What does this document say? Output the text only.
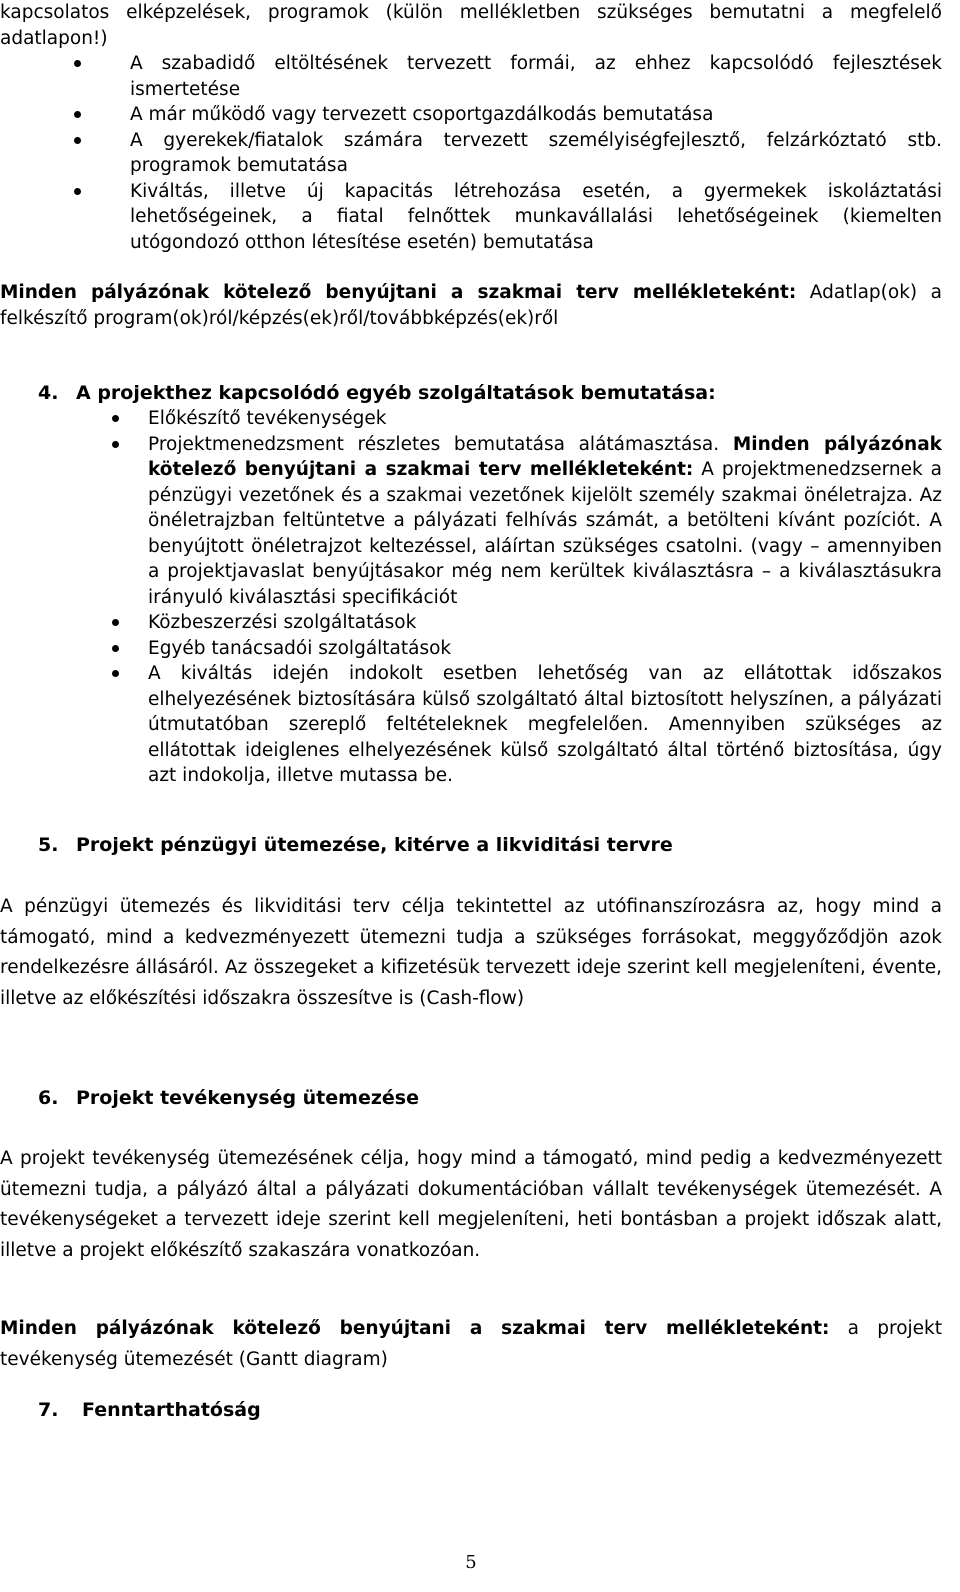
kapcsolatos elképzelések, programok (külön mellékletben szükséges bemutatni a megfelelő adatlapon!)
A szabadidő eltöltésének tervezett formái, az ehhez kapcsolódó fejlesztések ismertetése
A már működő vagy tervezett csoportgazdálkodás bemutatása
A gyerekek/fiatalok számára tervezett személyiségfejlesztő, felzárkóztató stb. programok bemutatása
Kiváltás, illetve új kapacitás létrehozása esetén, a gyermekek iskoláztatási lehetőségeinek, a fiatal felnőttek munkavállalási lehetőségeinek (kiemelten utógondozó otthon létesítése esetén) bemutatása
Minden pályázónak kötelező benyújtani a szakmai terv mellékleteként: Adatlap(ok) a felkészítő program(ok)ról/képzés(ek)ről/továbbképzés(ek)ről
4. A projekthez kapcsolódó egyéb szolgáltatások bemutatása:
Előkészítő tevékenységek
Projektmenedzsment részletes bemutatása alátámasztása. Minden pályázónak kötelező benyújtani a szakmai terv mellékleteként: A projektmenedzsernek a pénzügyi vezetőnek és a szakmai vezetőnek kijelölt személy szakmai önéletrajza. Az önéletrajzban feltüntetve a pályázati felhívás számát, a betölteni kívánt pozíciót. A benyújtott önéletrajzot keltezéssel, aláírtan szükséges csatolni. (vagy – amennyiben a projektjavaslat benyújtásakor még nem kerültek kiválasztásra – a kiválasztásukra irányuló kiválasztási specifikációt
Közbeszerzési szolgáltatások
Egyéb tanácsadói szolgáltatások
A kiváltás idején indokolt esetben lehetőség van az ellátottak időszakos elhelyezésének biztosítására külső szolgáltató által biztosított helyszínen, a pályázati útmutatóban szereplő feltételeknek megfelelően. Amennyiben szükséges az ellátottak ideiglenes elhelyezésének külső szolgáltató által történő biztosítása, úgy azt indokolja, illetve mutassa be.
5. Projekt pénzügyi ütemezése, kitérve a likviditási tervre
A pénzügyi ütemezés és likviditási terv célja tekintettel az utófinanszírozásra az, hogy mind a támogató, mind a kedvezményezett ütemezni tudja a szükséges forrásokat, meggyőződjön azok rendelkezésre állásáról. Az összegeket a kifizetésük tervezett ideje szerint kell megjeleníteni, évente, illetve az előkészítési időszakra összesítve is (Cash-flow)
6. Projekt tevékenység ütemezése
A projekt tevékenység ütemezésének célja, hogy mind a támogató, mind pedig a kedvezményezett ütemezni tudja, a pályázó által a pályázati dokumentációban vállalt tevékenységek ütemezését. A tevékenységeket a tervezett ideje szerint kell megjeleníteni, heti bontásban a projekt időszak alatt, illetve a projekt előkészítő szakaszára vonatkozóan.
Minden pályázónak kötelező benyújtani a szakmai terv mellékleteként: a projekt tevékenység ütemezését (Gantt diagram)
7. Fenntarthatóság
5
